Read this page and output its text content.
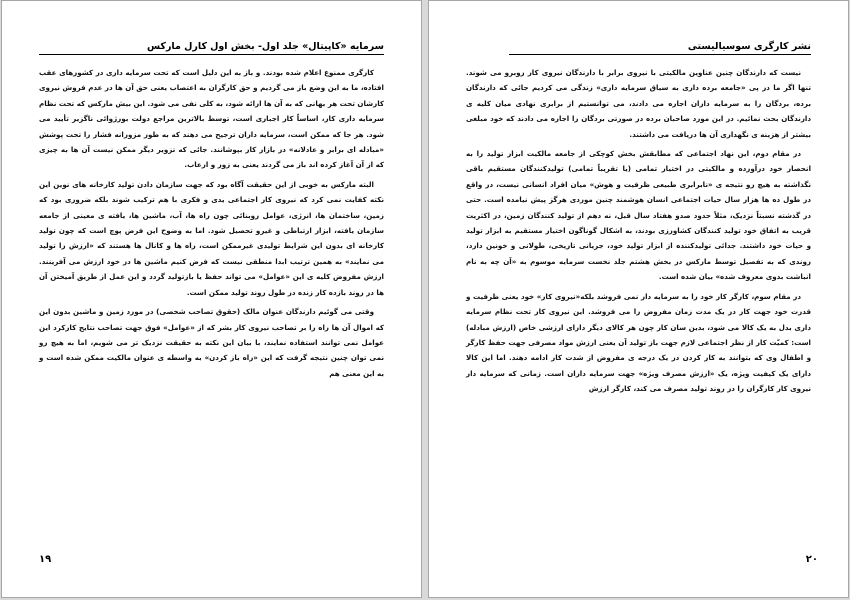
سرمایه «کاپیتال» جلد اول- بخش اول
کارل مارکس

کارگری ممنوع اعلام شده بودند. و باز به این دلیل است که تحت سرمایه داری در کشورهای عقب افتاده، ما به این وضع باز می گردیم و حق کارگران به اعتصاب یعنی حق آن ها در عدم فروش نیروی کارشان تحت هر بهانی که به آن ها ارائه شود، به کلی نفی می شود. این بیش مارکس که تحت نظام سرمایه داری کار، اساساً کار اجباری است، توسط بالاترین مراجع دولت بورژوائی ناگزیر تأیید می شود. هر جا که ممکن است، سرمایه داران ترجیح می دهند که به طور مزورانه فشار را تحت پوشش «مبادله ای برابر و عادلانه» در بازار کار بپوشانند. جائی که تزویر دیگر ممکن نیست آن ها به چیزی که از آن آغاز کرده اند باز می گردند یعنی به زور و ارعاب.

البته مارکس به خوبی از این حقیقت آگاه بود که جهت سازمان دادن تولید کارخانه های نوین این نکته کفایت نمی کرد که نیروی کار اجتماعی یدی و فکری با هم ترکیب شوند بلکه ضروری بود که زمین، ساختمان ها، انرژی، عوامل روبنائی چون راه ها، آب، ماشین ها، یافته ی معینی از جامعه سازمان یافته، ابزار ارتباطی و غیرو تحصیل شود. اما به وضوح این فرض پوچ است که چون تولید کارخانه ای بدون این شرایط تولیدی غیرممکن است، راه ها و کانال ها هستند که «ارزش را تولید می نمایند» به همین ترتیب ابدا منطقی نیست که فرض کنیم ماشین ها در خود ارزش می آفرینند. ارزش مفروض کلیه ی این «عوامل» می تواند حفظ یا بازتولید گردد و این عمل از طریق آمیختن آن ها در روند بازده کار زنده در طول روند تولید ممکن است.

وقتی می گوئیم دارندگان عنوان مالک (حقوق تصاحب شخصی) در مورد زمین و ماشین بدون این که اموال آن ها راه را بر تصاحب نیروی کار بشر که از «عوامل» فوق جهت تصاحب نتایج کارکرد این عوامل نمی توانند استفاده نمایند، با بیان این نکته به حقیقت نزدیک تر می شویم، اما به هیچ رو نمی توان چنین نتیجه گرفت که این «راه باز کردن» به واسطه ی عنوان مالکیت ممکن شده است و به این معنی هم

۱۹
نشر کارگری سوسیالیستی

نیست که دارندگان چنین عناوین مالکیتی با نیروی برابر با دارندگان نیروی کار روبرو می شوند. تنها اگر ما در پی «جامعه برده داری به سیاق سرمایه داری» زندگی می کردیم جائی که دارندگان برده، بردگان را به سرمایه داران اجاره می دادند، می توانستیم از برابری نهادی میان کلیه ی دارندگان بحث نمائیم. در این مورد صاحبان برده در صورتی بردگان را اجاره می دادند که خود مبلغی بیشتر از هزینه ی نگهداری آن ها دریافت می داشتند.

در مقام دوم، این نهاد اجتماعی که مطابقش بخش کوچکی از جامعه مالکیت ابزار تولید را به انحصار خود درآورده و مالکیتی در اختیار تمامی (یا تقریباً تمامی) تولیدکنندگان مستقیم باقی نگذاشته به هیچ رو نتیجه ی «نابرابری طبیعی ظرفیت و هوش» میان افراد انسانی نیست، در واقع در طول ده ها هزار سال حیات اجتماعی انسان هوشمند چنین موردی هرگز پیش نیامده است. حتی در گذشته نسبتاً نزدیک، مثلاً حدود صدو هفتاد سال قبل، نه دهم از تولید کنندگان زمین، در اکثریت قریب به اتفاق خود تولید کنندگان کشاورزی بودند، به اشکال گوناگون اختیار مستقیم به ابزار تولید و حیات خود داشتند. جدائی تولیدکننده از ابزار تولید خود، جریانی تاریخی، طولانی و خونین دارد، روندی که به تفصیل توسط مارکس در بخش هشتم جلد نخست سرمایه موسوم به «آن چه به نام انباشت بدوی معروف شده» بیان شده است.

در مقام سوم، کارگر کار خود را به سرمایه دار نمی فروشد بلکه«نیروی کار» خود یعنی ظرفیت و قدرت خود جهت کار در یک مدت زمان مفروض را می فروشد. این نیروی کار تحت نظام سرمایه داری بدل به یک کالا می شود، بدین سان کار چون هر کالای دیگر دارای ارزشی خاص (ارزش مبادله) است: کمیّت کار از نظر اجتماعی لازم جهت باز تولید آن یعنی ارزش مواد مصرفی جهت حفظ کارگر و اطفال وی که بتوانند به کار کردن در یک درجه ی مفروض از شدت کار ادامه دهند. اما این کالا دارای یک کیفیت ویژه، یک «ارزش مصرف ویژه» جهت سرمایه داران است. زمانی که سرمایه دار نیروی کار کارگران را در روند تولید مصرف می کند، کارگر ارزش

۲۰
